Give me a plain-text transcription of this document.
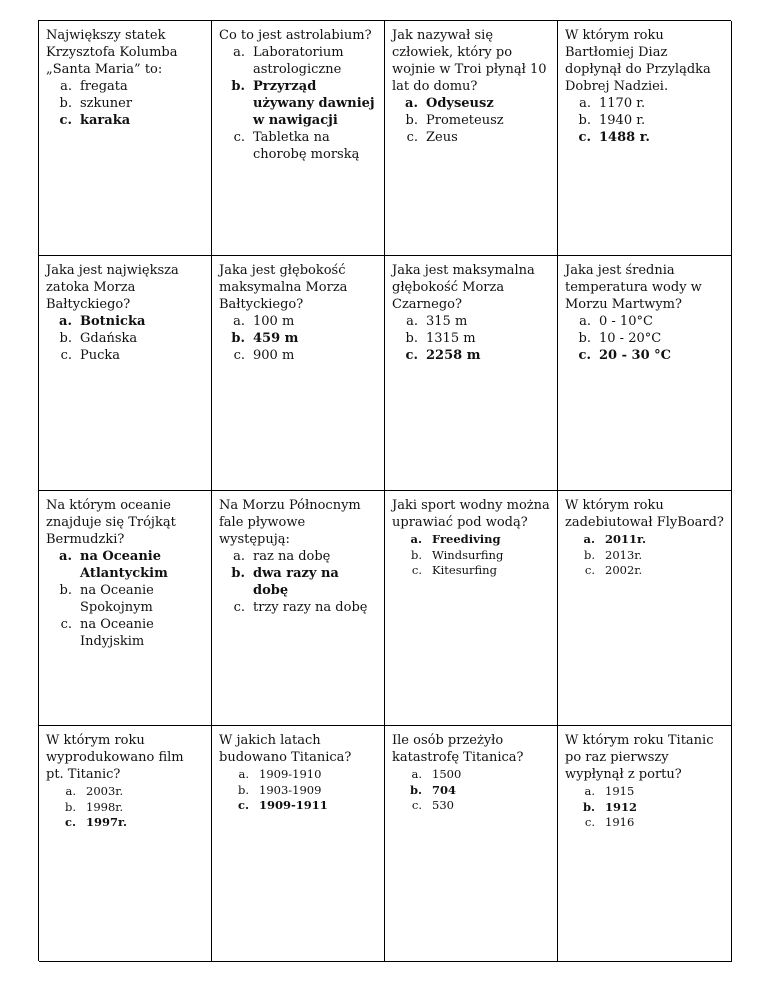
Największy statek Krzysztofa Kolumba „Santa Maria” to:

a. fregata
b. szkuner
c. karaka

Co to jest astrolabium?

a. Laboratorium astrologiczne
b. Przyrząd używany dawniej w nawigacji
c. Tabletka na chorobę morską

Jak nazywał się człowiek, który po wojnie w Troi płynął 10 lat do domu?

a. Odyseusz
b. Prometeusz
c. Zeus

W którym roku Bartłomiej Diaz dopłynął do Przylądka Dobrej Nadziei.

a. 1170 r.
b. 1940 r.
c. 1488 r.

Jaka jest największa zatoka Morza Bałtyckiego?

a. Botnicka
b. Gdańska
c. Pucka

Jaka jest głębokość maksymalna Morza Bałtyckiego?

a. 100 m
b. 459 m
c. 900 m

Jaka jest maksymalna głębokość Morza Czarnego?

a. 315 m
b. 1315 m
c. 2258 m

Jaka jest średnia temperatura wody w Morzu Martwym?

a. 0 - 10°C
b. 10 - 20°C
c. 20 - 30 °C

Na którym oceanie znajduje się Trójkąt Bermudzki?

a. na Oceanie Atlantyckim
b. na Oceanie Spokojnym
c. na Oceanie Indyjskim

Na Morzu Północnym fale pływowe występują:

a. raz na dobę
b. dwa razy na dobę
c. trzy razy na dobę

Jaki sport wodny można uprawiać pod wodą?

a. Freediving
b. Windsurfing
c. Kitesurfing

W którym roku zadebiutował FlyBoard?

a. 2011r.
b. 2013r.
c. 2002r.

W którym roku wyprodukowano film pt. Titanic?

a. 2003r.
b. 1998r.
c. 1997r.

W jakich latach budowano Titanica?

a. 1909-1910
b. 1903-1909
c. 1909-1911

Ile osób przeżyło katastrofę Titanica?

a. 1500
b. 704
c. 530

W którym roku Titanic po raz pierwszy wypłynął z portu?

a. 1915
b. 1912
c. 1916
